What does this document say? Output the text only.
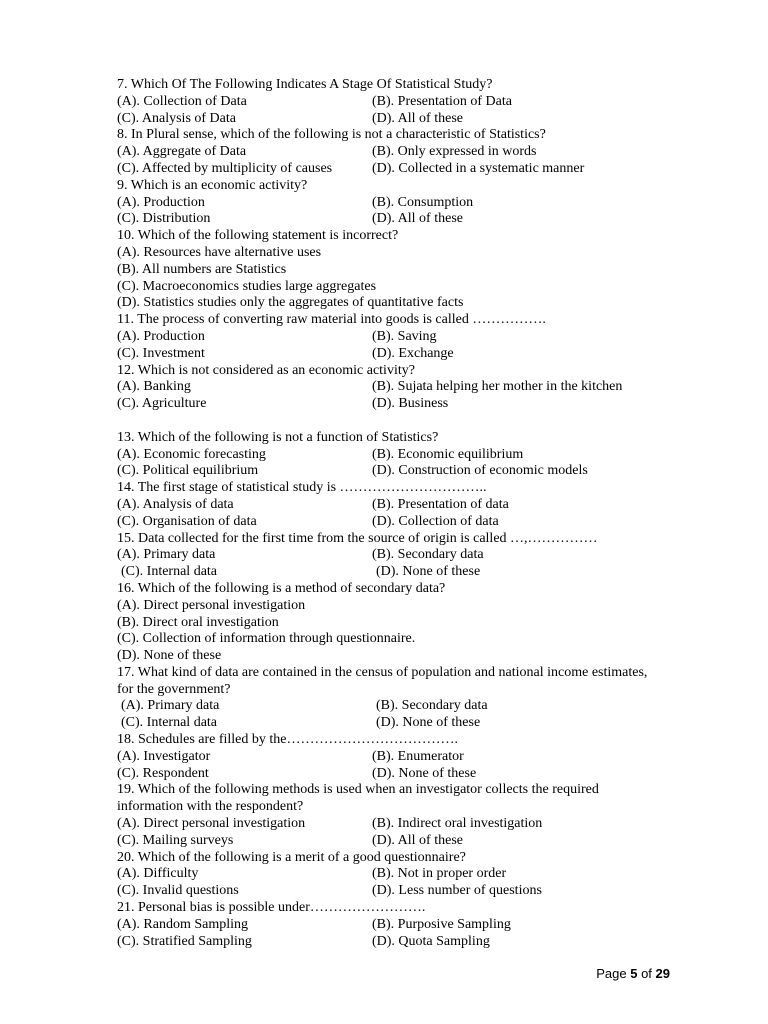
7. Which Of The Following Indicates A Stage Of Statistical Study?
(A). Collection of Data	(B). Presentation of Data
(C). Analysis of Data	(D). All of these
8. In Plural sense, which of the following is not a characteristic of Statistics?
(A). Aggregate of Data	(B). Only expressed in words
(C). Affected by multiplicity of causes	(D). Collected in a systematic manner
9. Which is an economic activity?
(A). Production	(B). Consumption
(C). Distribution	(D). All of these
10. Which of the following statement is incorrect?
(A). Resources have alternative uses
(B). All numbers are Statistics
(C). Macroeconomics studies large aggregates
(D). Statistics studies only the aggregates of quantitative facts
11. The process of converting raw material into goods is called …………….
(A). Production	(B). Saving
(C). Investment	(D). Exchange
12. Which is not considered as an economic activity?
(A). Banking	(B). Sujata helping her mother in the kitchen
(C). Agriculture	(D). Business
13. Which of the following is not a function of Statistics?
(A). Economic forecasting	(B). Economic equilibrium
(C). Political equilibrium	(D). Construction of economic models
14. The first stage of statistical study is …………………………..
(A). Analysis of data	(B). Presentation of data
(C). Organisation of data	(D). Collection of data
15. Data collected for the first time from the source of origin is called …,……………
(A). Primary data	(B). Secondary data
(C). Internal data	(D). None of these
16. Which of the following is a method of secondary data?
(A). Direct personal investigation
(B). Direct oral investigation
(C). Collection of information through questionnaire.
(D). None of these
17. What kind of data are contained in the census of population and national income estimates,
for the government?
(A). Primary data	(B). Secondary data
(C). Internal data	(D). None of these
18. Schedules are filled by the……………………………….
(A). Investigator	(B). Enumerator
(C). Respondent	(D). None of these
19. Which of the following methods is used when an investigator collects the required
information with the respondent?
(A). Direct personal investigation	(B). Indirect oral investigation
(C). Mailing surveys	(D). All of these
20. Which of the following is a merit of a good questionnaire?
(A). Difficulty	(B). Not in proper order
(C). Invalid questions	(D). Less number of questions
21. Personal bias is possible under…………………….
(A). Random Sampling	(B). Purposive Sampling
(C). Stratified Sampling	(D). Quota Sampling
Page 5 of 29
